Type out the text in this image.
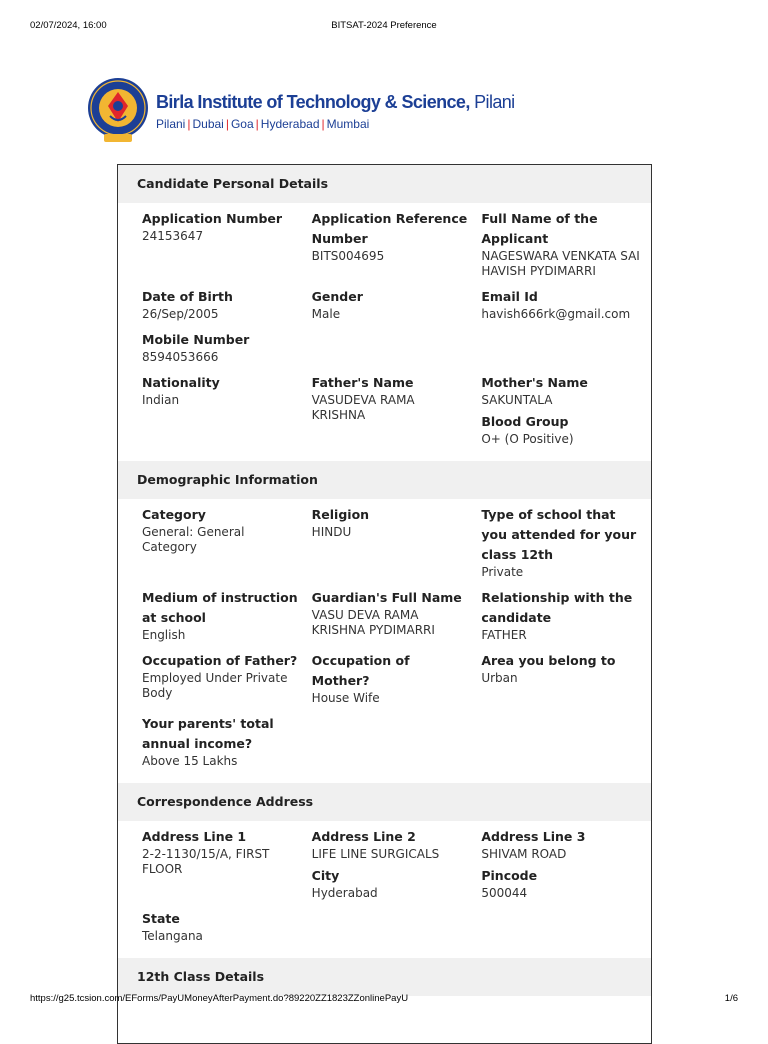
02/07/2024, 16:00	BITSAT-2024 Preference
Birla Institute of Technology & Science, Pilani
Pilani | Dubai | Goa | Hyderabad | Mumbai
Candidate Personal Details
Application Number
24153647
Application Reference Number
BITS004695
Full Name of the Applicant
NAGESWARA VENKATA SAI HAVISH PYDIMARRI
Date of Birth
26/Sep/2005
Gender
Male
Email Id
havish666rk@gmail.com
Mobile Number
8594053666
Nationality
Indian
Father's Name
VASUDEVA RAMA KRISHNA
Mother's Name
SAKUNTALA
Blood Group
O+ (O Positive)
Demographic Information
Category
General: General Category
Religion
HINDU
Type of school that you attended for your class 12th
Private
Medium of instruction at school
English
Guardian's Full Name
VASU DEVA RAMA KRISHNA PYDIMARRI
Relationship with the candidate
FATHER
Occupation of Father?
Employed Under Private Body
Occupation of Mother?
House Wife
Area you belong to
Urban
Your parents' total annual income?
Above 15 Lakhs
Correspondence Address
Address Line 1
2-2-1130/15/A, FIRST FLOOR
Address Line 2
LIFE LINE SURGICALS
City
Hyderabad
Address Line 3
SHIVAM ROAD
Pincode
500044
State
Telangana
12th Class Details
https://g25.tcsion.com/EForms/PayUMoneyAfterPayment.do?89220ZZ1823ZZonlinePayU	1/6
